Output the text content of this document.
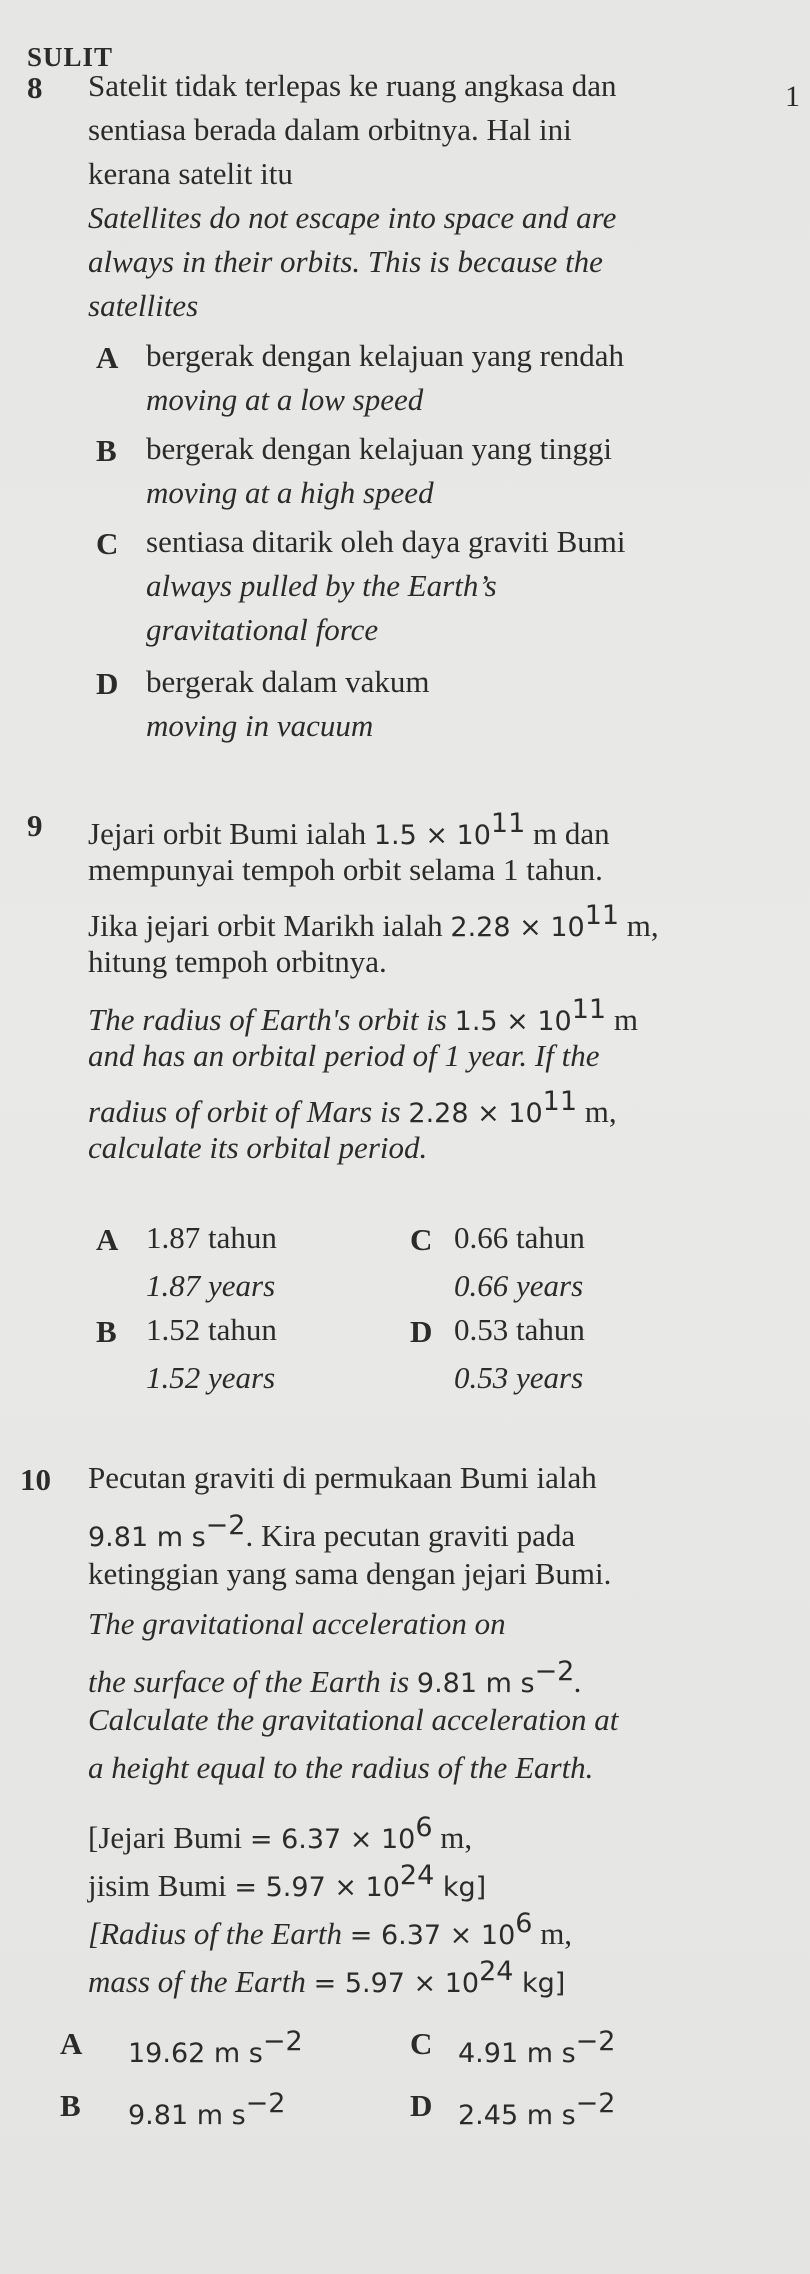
SULIT
1
8 Satelit tidak terlepas ke ruang angkasa dan
sentiasa berada dalam orbitnya. Hal ini
kerana satelit itu
Satellites do not escape into space and are
always in their orbits. This is because the
satellites
A bergerak dengan kelajuan yang rendah
moving at a low speed
B bergerak dengan kelajuan yang tinggi
moving at a high speed
C sentiasa ditarik oleh daya graviti Bumi
always pulled by the Earth’s
gravitational force
D bergerak dalam vakum
moving in vacuum
9 Jejari orbit Bumi ialah $1.5 \times 10^{11}$ m dan
mempunyai tempoh orbit selama 1 tahun.
Jika jejari orbit Marikh ialah $2.28 \times 10^{11}$ m,
hitung tempoh orbitnya.
The radius of Earth's orbit is $1.5 \times 10^{11}$ m
and has an orbital period of 1 year. If the
radius of orbit of Mars is $2.28 \times 10^{11}$ m,
calculate its orbital period.
A 1.87 tahun
1.87 years
C 0.66 tahun
0.66 years
B 1.52 tahun
1.52 years
D 0.53 tahun
0.53 years
10 Pecutan graviti di permukaan Bumi ialah
9.81 m $s^{-2}$. Kira pecutan graviti pada
ketinggian yang sama dengan jejari Bumi.
The gravitational acceleration on
the surface of the Earth is 9.81 m $s^{-2}$.
Calculate the gravitational acceleration at
a height equal to the radius of the Earth.
[Jejari Bumi = $6.37 \times 10^6$ m,
jisim Bumi = $5.97 \times 10^{24}$ kg]
[Radius of the Earth = $6.37 \times 10^6$ m,
mass of the Earth = $5.97 \times 10^{24}$ kg]
A 19.62 m $s^{-2}$	C 4.91 m $s^{-2}$
B 9.81 m $s^{-2}$	D 2.45 m $s^{-2}$
